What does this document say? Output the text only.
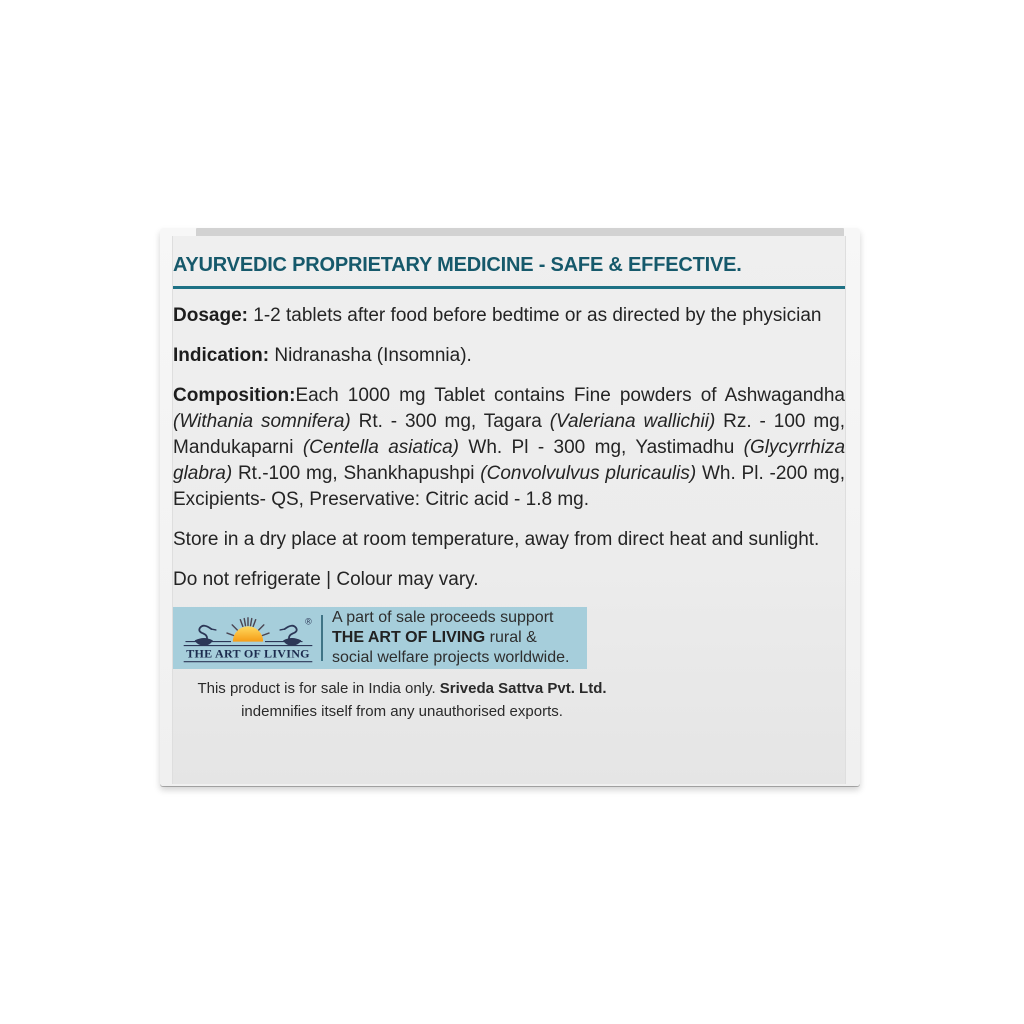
AYURVEDIC PROPRIETARY MEDICINE - SAFE & EFFECTIVE.

Dosage: 1-2 tablets after food before bedtime or as directed by the physician

Indication: Nidranasha (Insomnia).

Composition:Each 1000 mg Tablet contains Fine powders of Ashwagandha (Withania somnifera) Rt. - 300 mg, Tagara (Valeriana wallichii) Rz. - 100 mg, Mandukaparni (Centella asiatica) Wh. Pl - 300 mg, Yastimadhu (Glycyrrhiza glabra) Rt.-100 mg, Shankhapushpi (Convolvulvus pluricaulis) Wh. Pl. -200 mg, Excipients- QS, Preservative: Citric acid - 1.8 mg.

Store in a dry place at room temperature, away from direct heat and sunlight.

Do not refrigerate | Colour may vary.

®
THE ART OF LIVING
A part of sale proceeds support THE ART OF LIVING rural & social welfare projects worldwide.

This product is for sale in India only. Sriveda Sattva Pvt. Ltd. indemnifies itself from any unauthorised exports.
